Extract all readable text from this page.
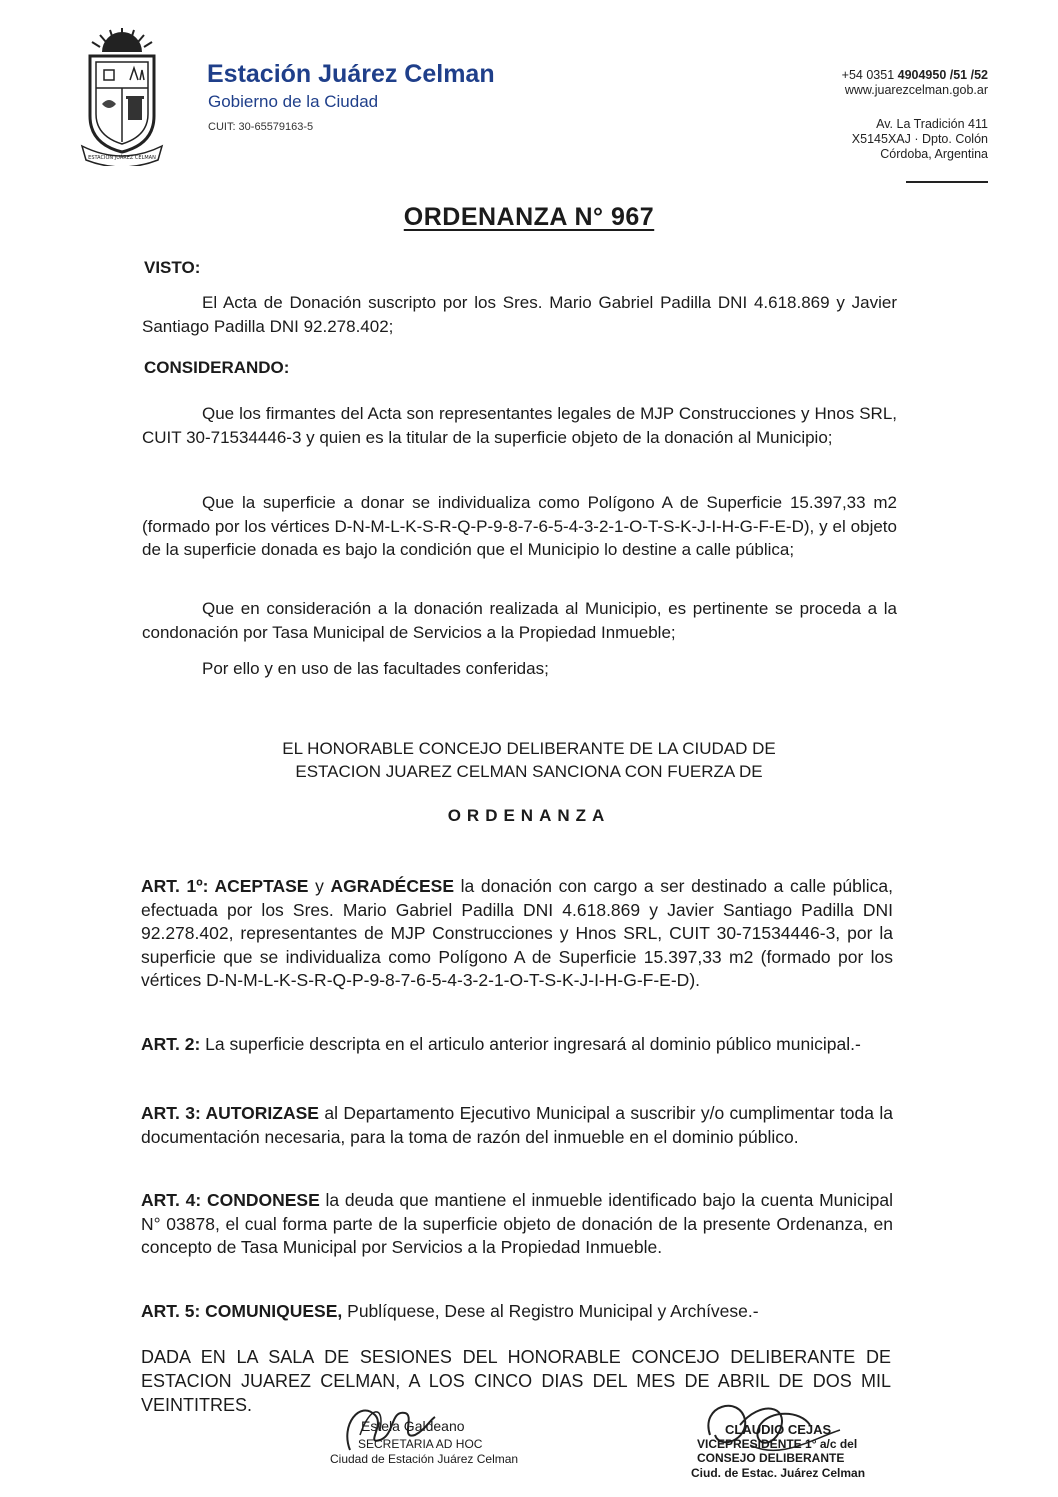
ESTACIÓN JUÁREZ CELMAN
Estación Juárez Celman
Gobierno de la Ciudad
CUIT: 30-65579163-5
+54 0351 4904950 /51 /52
www.juarezcelman.gob.ar
Av. La Tradición 411
X5145XAJ · Dpto. Colón
Córdoba, Argentina
ORDENANZA N° 967
VISTO:
El Acta de Donación suscripto por los Sres. Mario Gabriel Padilla DNI 4.618.869 y Javier Santiago Padilla DNI 92.278.402;
CONSIDERANDO:
Que los firmantes del Acta son representantes legales de MJP Construcciones y Hnos SRL, CUIT 30-71534446-3 y quien es la titular de la superficie objeto de la donación al Municipio;
Que la superficie a donar se individualiza como Polígono A de Superficie 15.397,33 m2 (formado por los vértices D-N-M-L-K-S-R-Q-P-9-8-7-6-5-4-3-2-1-O-T-S-K-J-I-H-G-F-E-D), y el objeto de la superficie donada es bajo la condición que el Municipio lo destine a calle pública;
Que en consideración a la donación realizada al Municipio, es pertinente se proceda a la condonación por Tasa Municipal de Servicios a la Propiedad Inmueble;
Por ello y en uso de las facultades conferidas;
EL HONORABLE CONCEJO DELIBERANTE DE LA CIUDAD DE
ESTACION JUAREZ CELMAN SANCIONA CON FUERZA DE
ORDENANZA
ART. 1º: ACEPTASE y AGRADÉCESE la donación con cargo a ser destinado a calle pública, efectuada por los Sres. Mario Gabriel Padilla DNI 4.618.869 y Javier Santiago Padilla DNI 92.278.402, representantes de MJP Construcciones y Hnos SRL, CUIT 30-71534446-3, por la superficie que se individualiza como Polígono A de Superficie 15.397,33 m2 (formado por los vértices D-N-M-L-K-S-R-Q-P-9-8-7-6-5-4-3-2-1-O-T-S-K-J-I-H-G-F-E-D).
ART. 2: La superficie descripta en el articulo anterior ingresará al dominio público municipal.-
ART. 3: AUTORIZASE al Departamento Ejecutivo Municipal a suscribir y/o cumplimentar toda la documentación necesaria, para la toma de razón del inmueble en el dominio público.
ART. 4: CONDONESE la deuda que mantiene el inmueble identificado bajo la cuenta Municipal N° 03878, el cual forma parte de la superficie objeto de donación de la presente Ordenanza, en concepto de Tasa Municipal por Servicios a la Propiedad Inmueble.
ART. 5: COMUNIQUESE, Publíquese, Dese al Registro Municipal y Archívese.-
DADA EN LA SALA DE SESIONES DEL HONORABLE CONCEJO DELIBERANTE DE ESTACION JUAREZ CELMAN, A LOS CINCO DIAS DEL MES DE ABRIL DE DOS MIL VEINTITRES.
Estela Galdeano
SECRETARIA AD HOC
Ciudad de Estación Juárez Celman
CLAUDIO CEJAS
VICEPRESIDENTE 1° a/c del
CONSEJO DELIBERANTE
Ciud. de Estac. Juárez Celman
